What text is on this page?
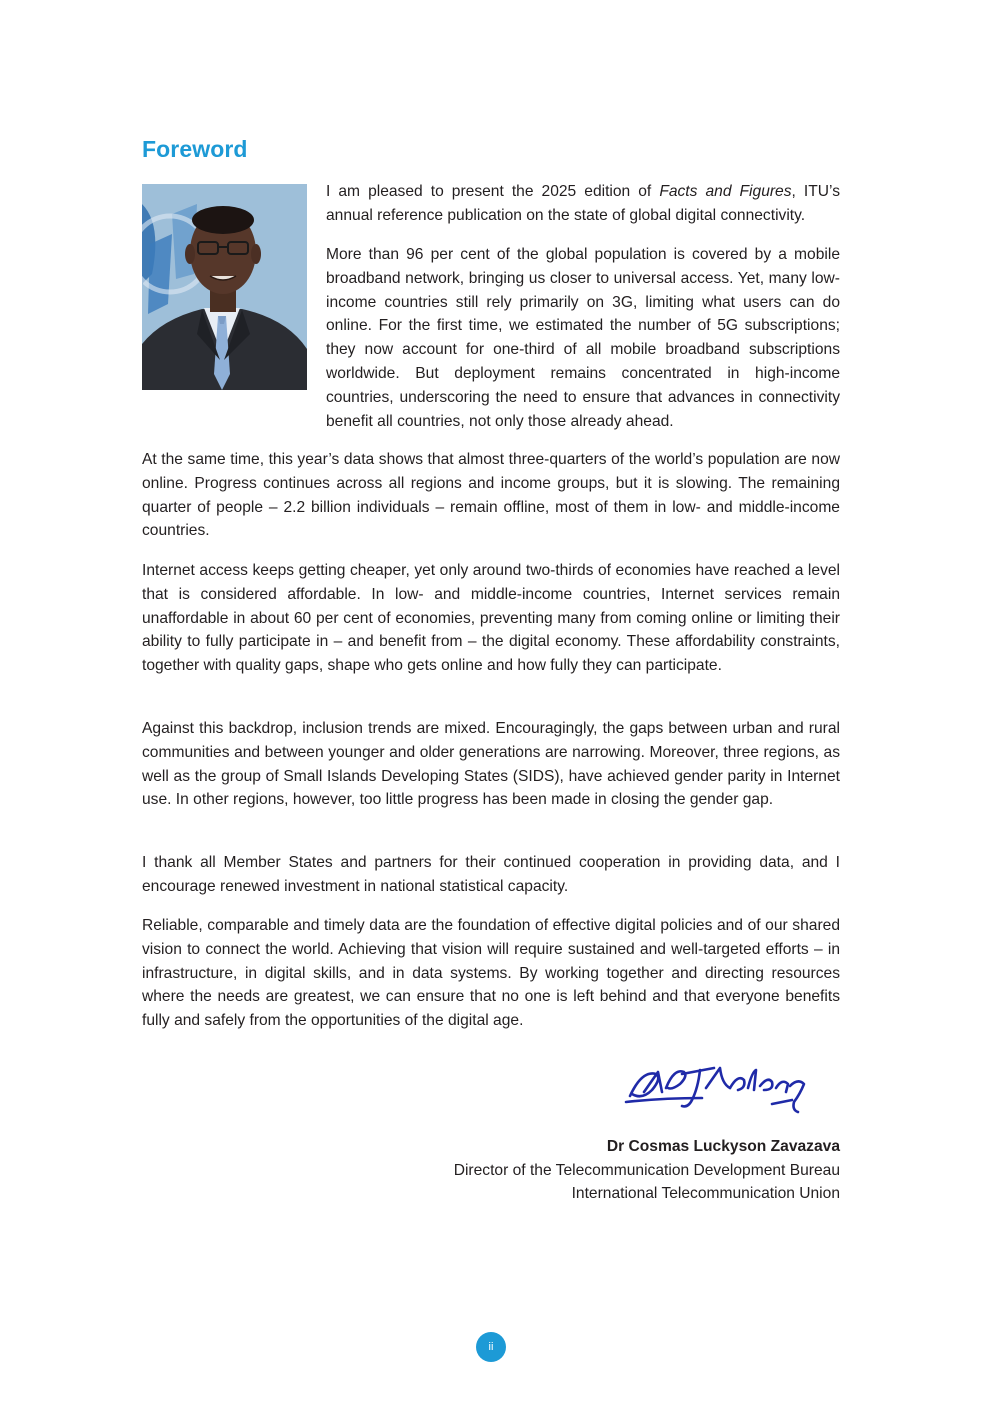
Foreword

I am pleased to present the 2025 edition of Facts and Figures, ITU’s annual reference publication on the state of global digital connectivity.

More than 96 per cent of the global population is covered by a mobile broadband network, bringing us closer to universal access. Yet, many low-income countries still rely primarily on 3G, limiting what users can do online. For the first time, we estimated the number of 5G subscriptions; they now account for one-third of all mobile broadband subscriptions worldwide. But deployment remains concentrated in high-income countries, underscoring the need to ensure that advances in connectivity benefit all countries, not only those already ahead.

At the same time, this year’s data shows that almost three-quarters of the world’s population are now online. Progress continues across all regions and income groups, but it is slowing. The remaining quarter of people – 2.2 billion individuals – remain offline, most of them in low- and middle-income countries.

Internet access keeps getting cheaper, yet only around two-thirds of economies have reached a level that is considered affordable. In low- and middle-income countries, Internet services remain unaffordable in about 60 per cent of economies, preventing many from coming online or limiting their ability to fully participate in – and benefit from – the digital economy. These affordability constraints, together with quality gaps, shape who gets online and how fully they can participate.

Against this backdrop, inclusion trends are mixed. Encouragingly, the gaps between urban and rural communities and between younger and older generations are narrowing. Moreover, three regions, as well as the group of Small Islands Developing States (SIDS), have achieved gender parity in Internet use. In other regions, however, too little progress has been made in closing the gender gap.

I thank all Member States and partners for their continued cooperation in providing data, and I encourage renewed investment in national statistical capacity.

Reliable, comparable and timely data are the foundation of effective digital policies and of our shared vision to connect the world. Achieving that vision will require sustained and well-targeted efforts – in infrastructure, in digital skills, and in data systems. By working together and directing resources where the needs are greatest, we can ensure that no one is left behind and that everyone benefits fully and safely from the opportunities of the digital age.

Dr Cosmas Luckyson Zavazava

Director of the Telecommunication Development Bureau

International Telecommunication Union

ii
